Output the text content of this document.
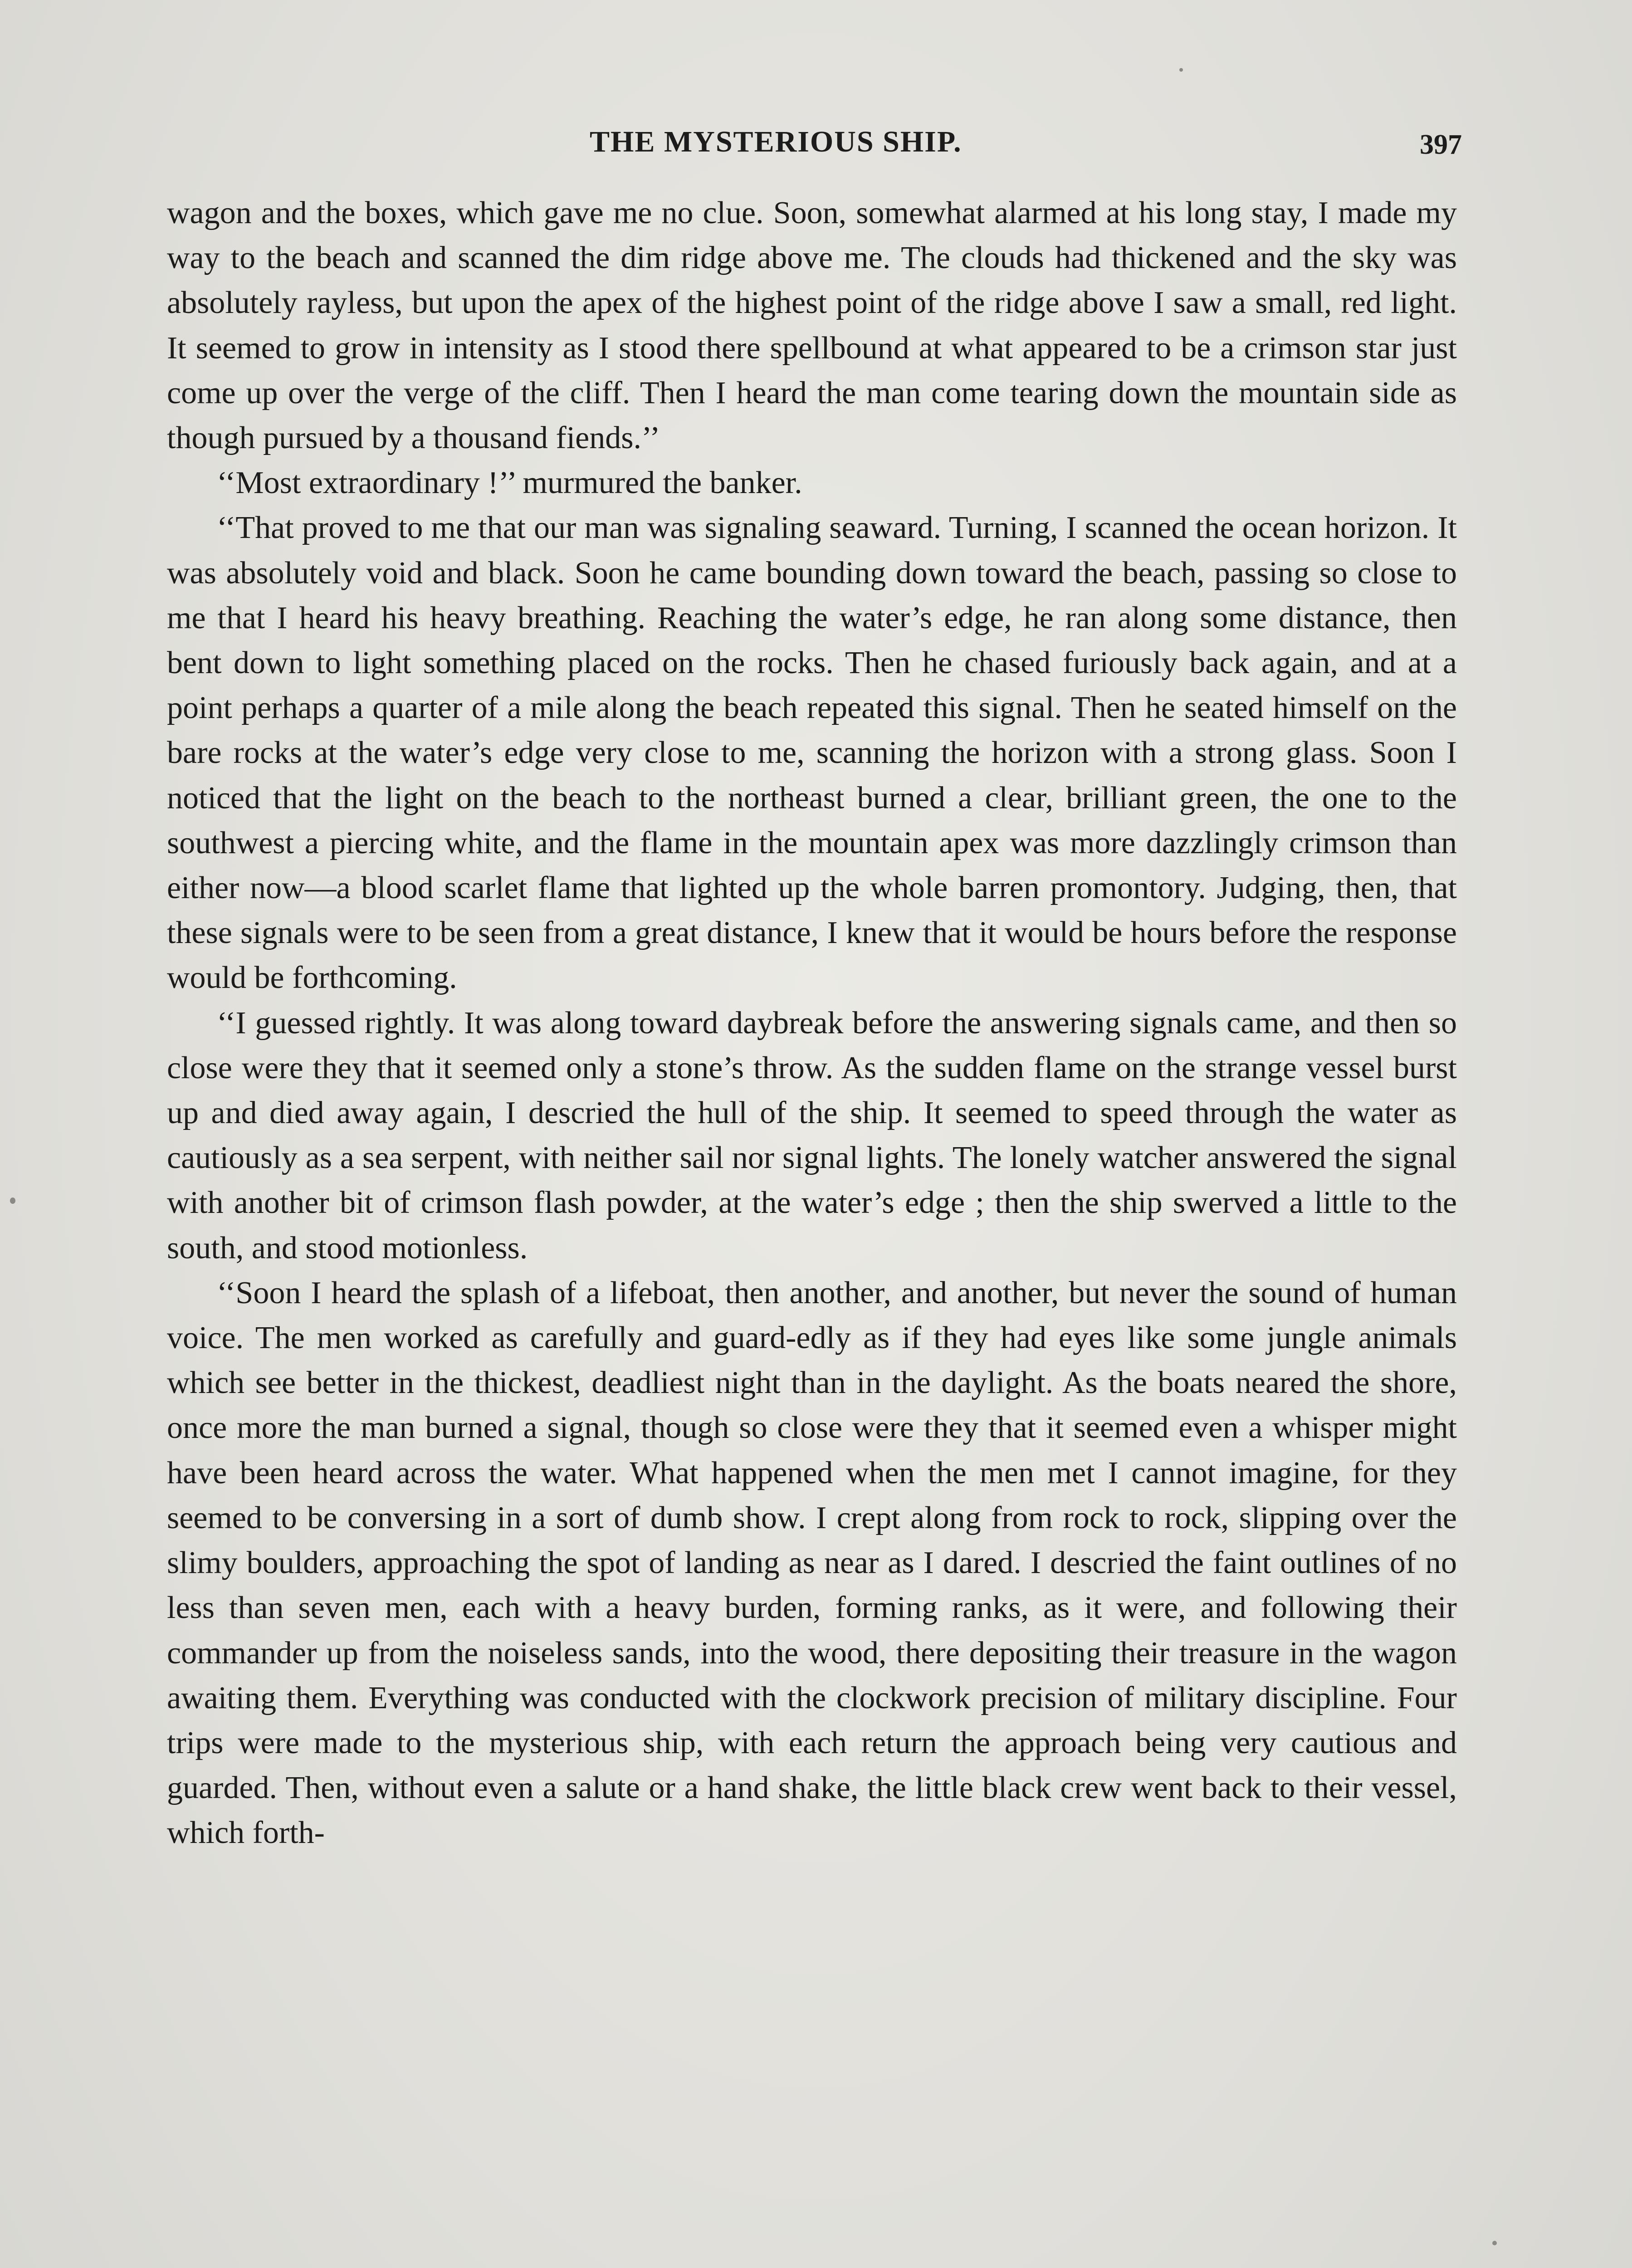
THE MYSTERIOUS SHIP.	397

wagon and the boxes, which gave me no clue. Soon, somewhat alarmed at his long stay, I made my way to the beach and scanned the dim ridge above me. The clouds had thickened and the sky was absolutely rayless, but upon the apex of the highest point of the ridge above I saw a small, red light. It seemed to grow in intensity as I stood there spellbound at what appeared to be a crimson star just come up over the verge of the cliff. Then I heard the man come tearing down the mountain side as though pursued by a thousand fiends.’’

‘‘Most extraordinary !’’ murmured the banker.

‘‘That proved to me that our man was signaling seaward. Turning, I scanned the ocean horizon. It was absolutely void and black. Soon he came bounding down toward the beach, passing so close to me that I heard his heavy breathing. Reaching the water’s edge, he ran along some distance, then bent down to light something placed on the rocks. Then he chased furiously back again, and at a point perhaps a quarter of a mile along the beach repeated this signal. Then he seated himself on the bare rocks at the water’s edge very close to me, scanning the horizon with a strong glass. Soon I noticed that the light on the beach to the northeast burned a clear, brilliant green, the one to the southwest a piercing white, and the flame in the mountain apex was more dazzlingly crimson than either now—a blood scarlet flame that lighted up the whole barren promontory. Judging, then, that these signals were to be seen from a great distance, I knew that it would be hours before the response would be forthcoming.

‘‘I guessed rightly. It was along toward daybreak before the answering signals came, and then so close were they that it seemed only a stone’s throw. As the sudden flame on the strange vessel burst up and died away again, I descried the hull of the ship. It seemed to speed through the water as cautiously as a sea serpent, with neither sail nor signal lights. The lonely watcher answered the signal with another bit of crimson flash powder, at the water’s edge ; then the ship swerved a little to the south, and stood motionless.

‘‘Soon I heard the splash of a lifeboat, then another, and another, but never the sound of human voice. The men worked as carefully and guard-edly as if they had eyes like some jungle animals which see better in the thickest, deadliest night than in the daylight. As the boats neared the shore, once more the man burned a signal, though so close were they that it seemed even a whisper might have been heard across the water. What happened when the men met I cannot imagine, for they seemed to be conversing in a sort of dumb show. I crept along from rock to rock, slipping over the slimy boulders, approaching the spot of landing as near as I dared. I descried the faint outlines of no less than seven men, each with a heavy burden, forming ranks, as it were, and following their commander up from the noiseless sands, into the wood, there depositing their treasure in the wagon awaiting them. Everything was conducted with the clockwork precision of military discipline. Four trips were made to the mysterious ship, with each return the approach being very cautious and guarded. Then, without even a salute or a hand shake, the little black crew went back to their vessel, which forth-
